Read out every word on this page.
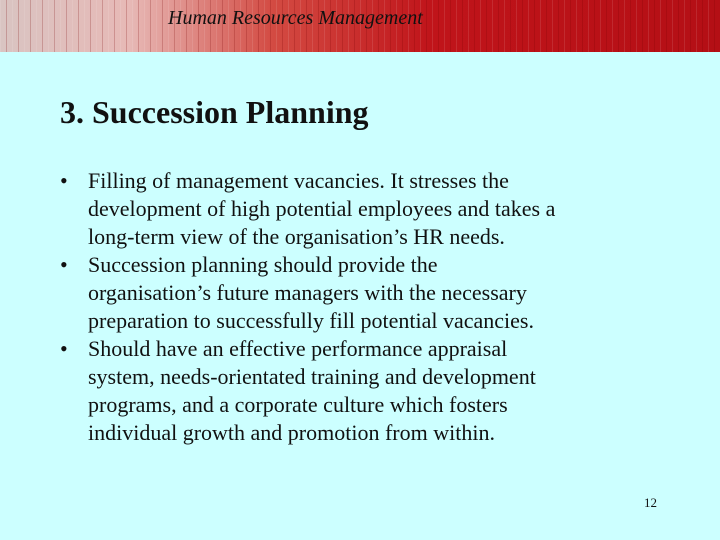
Human Resources Management
3. Succession Planning
• Filling of management vacancies. It stresses the
development of high potential employees and takes a
long-term view of the organisation’s HR needs.
• Succession planning should provide the
organisation’s future managers with the necessary
preparation to successfully fill potential vacancies.
• Should have an effective performance appraisal
system, needs-orientated training and development
programs, and a corporate culture which fosters
individual growth and promotion from within.
12
